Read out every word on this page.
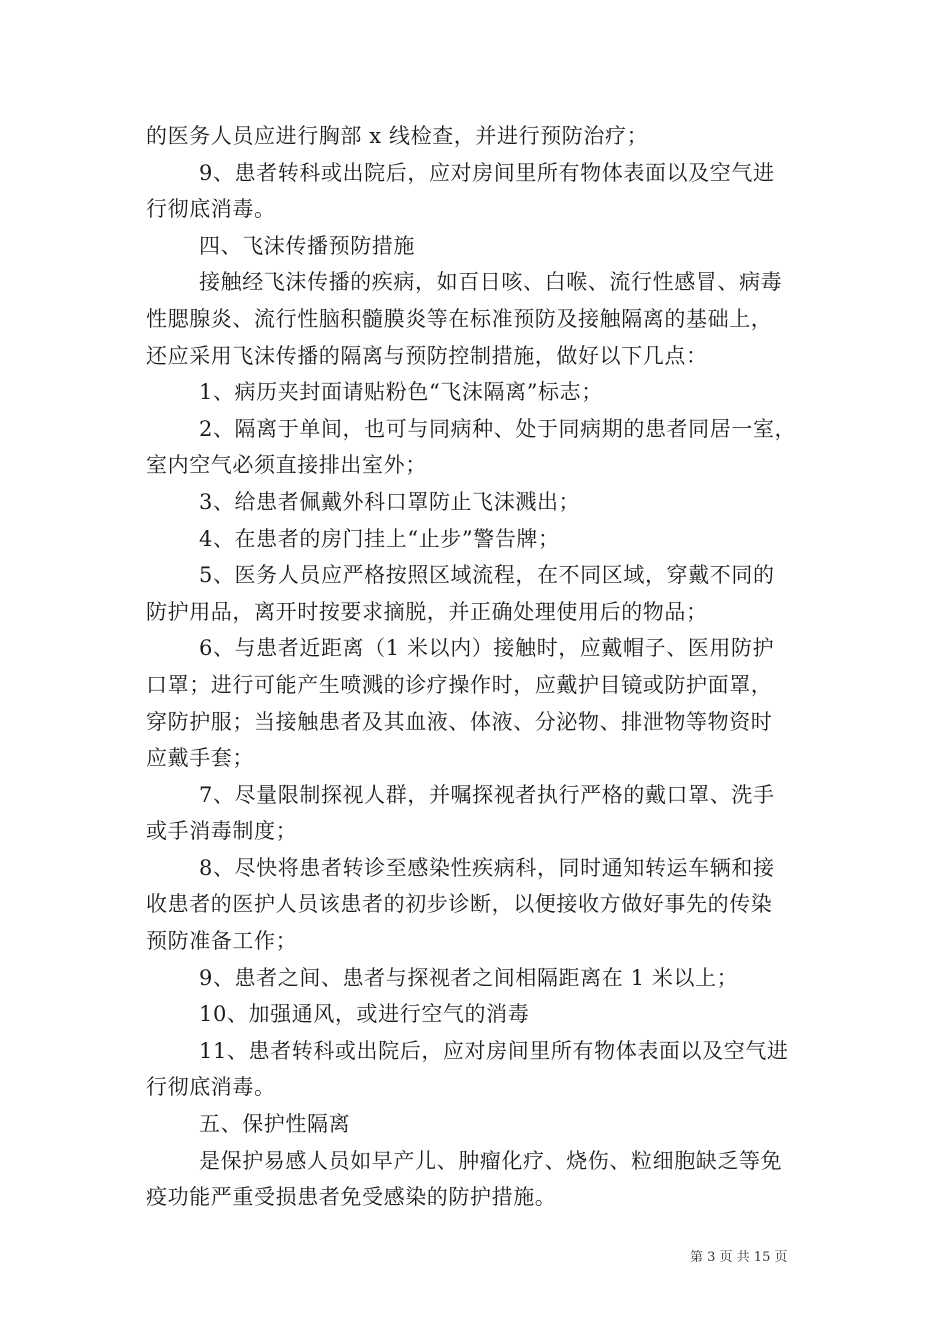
的医务人员应进行胸部 x 线检查，并进行预防治疗；
9、患者转科或出院后，应对房间里所有物体表面以及空气进
行彻底消毒。
四、飞沫传播预防措施
接触经飞沫传播的疾病，如百日咳、白喉、流行性感冒、病毒
性腮腺炎、流行性脑积髓膜炎等在标准预防及接触隔离的基础上，
还应采用飞沫传播的隔离与预防控制措施，做好以下几点：
1、病历夹封面请贴粉色“飞沫隔离”标志；
2、隔离于单间，也可与同病种、处于同病期的患者同居一室，
室内空气必须直接排出室外；
3、给患者佩戴外科口罩防止飞沫溅出；
4、在患者的房门挂上“止步”警告牌；
5、医务人员应严格按照区域流程，在不同区域，穿戴不同的
防护用品，离开时按要求摘脱，并正确处理使用后的物品；
6、与患者近距离（1 米以内）接触时，应戴帽子、医用防护
口罩；进行可能产生喷溅的诊疗操作时，应戴护目镜或防护面罩，
穿防护服；当接触患者及其血液、体液、分泌物、排泄物等物资时
应戴手套；
7、尽量限制探视人群，并嘱探视者执行严格的戴口罩、洗手
或手消毒制度；
8、尽快将患者转诊至感染性疾病科，同时通知转运车辆和接
收患者的医护人员该患者的初步诊断，以便接收方做好事先的传染
预防准备工作；
9、患者之间、患者与探视者之间相隔距离在 1 米以上；
10、加强通风，或进行空气的消毒
11、患者转科或出院后，应对房间里所有物体表面以及空气进
行彻底消毒。
五、保护性隔离
是保护易感人员如早产儿、肿瘤化疗、烧伤、粒细胞缺乏等免
疫功能严重受损患者免受感染的防护措施。
第 3 页 共 15 页
